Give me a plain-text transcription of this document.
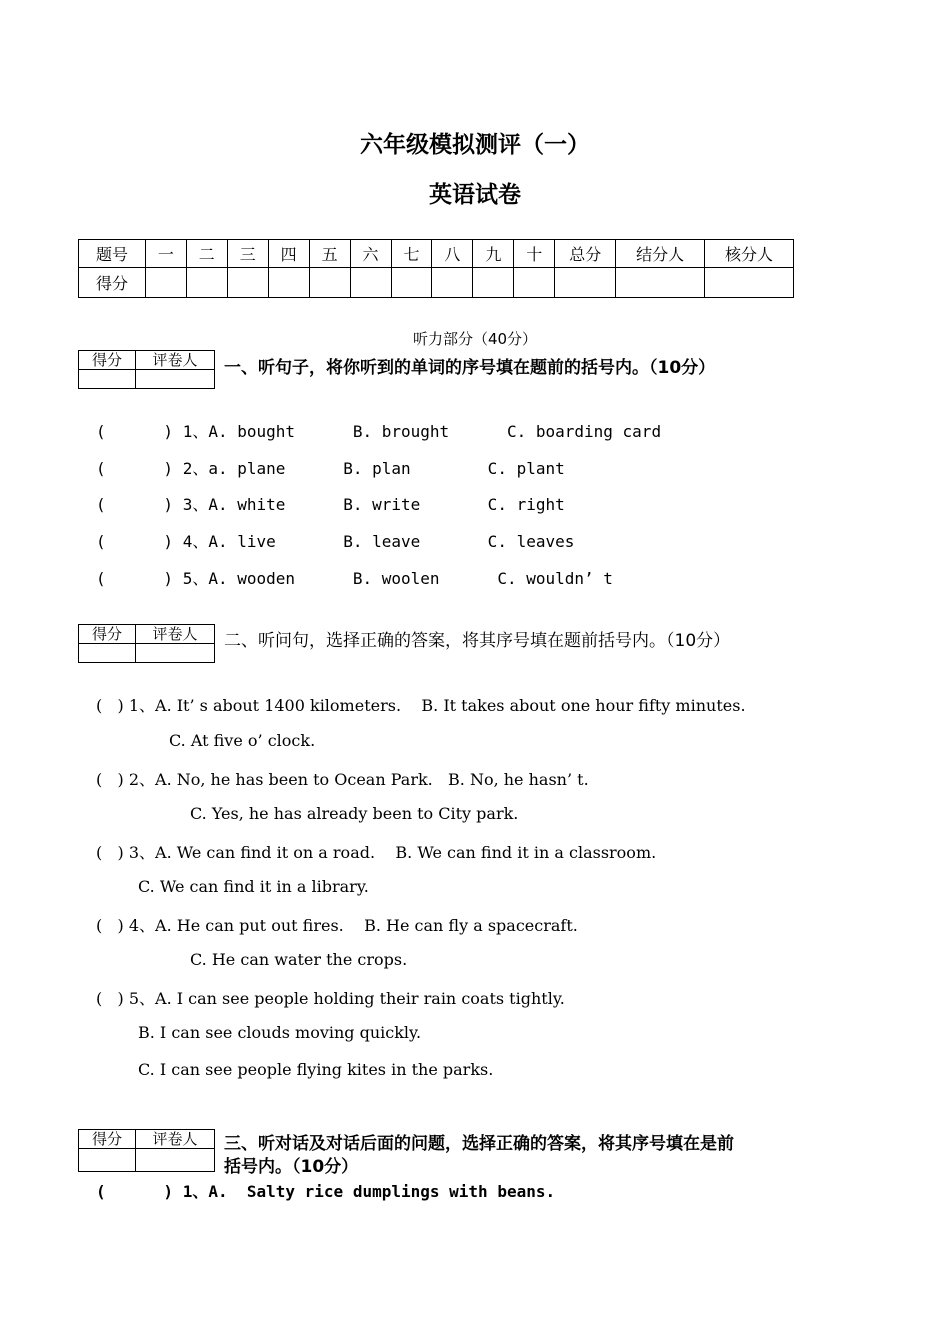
六年级模拟测评（一）
英语试卷
题号	一	二	三	四	五	六	七	八	九	十	总分	结分人	核分人
得分													
听力部分（40分）
得分	评卷人
	一、听句子，将你听到的单词的序号填在题前的括号内。（10分）
(      ) 1、A. bought      B. brought      C. boarding card
(      ) 2、a. plane      B. plan        C. plant
(      ) 3、A. white      B. write       C. right
(      ) 4、A. live       B. leave       C. leaves
(      ) 5、A. wooden      B. woolen      C. wouldn’ t
得分	评卷人
	二、听问句，选择正确的答案，将其序号填在题前括号内。（10分）
(   ) 1、A. It’ s about 1400 kilometers.    B. It takes about one hour fifty minutes.
C. At five o’ clock.
(   ) 2、A. No, he has been to Ocean Park.   B. No, he hasn’ t.
C. Yes, he has already been to City park.
(   ) 3、A. We can find it on a road.    B. We can find it in a classroom.
C. We can find it in a library.
(   ) 4、A. He can put out fires.    B. He can fly a spacecraft.
C. He can water the crops.
(   ) 5、A. I can see people holding their rain coats tightly.
B. I can see clouds moving quickly.
C. I can see people flying kites in the parks.
得分	评卷人
	三、听对话及对话后面的问题，选择正确的答案，将其序号填在是前
括号内。（10分）
(      ) 1、A.  Salty rice dumplings with beans.
